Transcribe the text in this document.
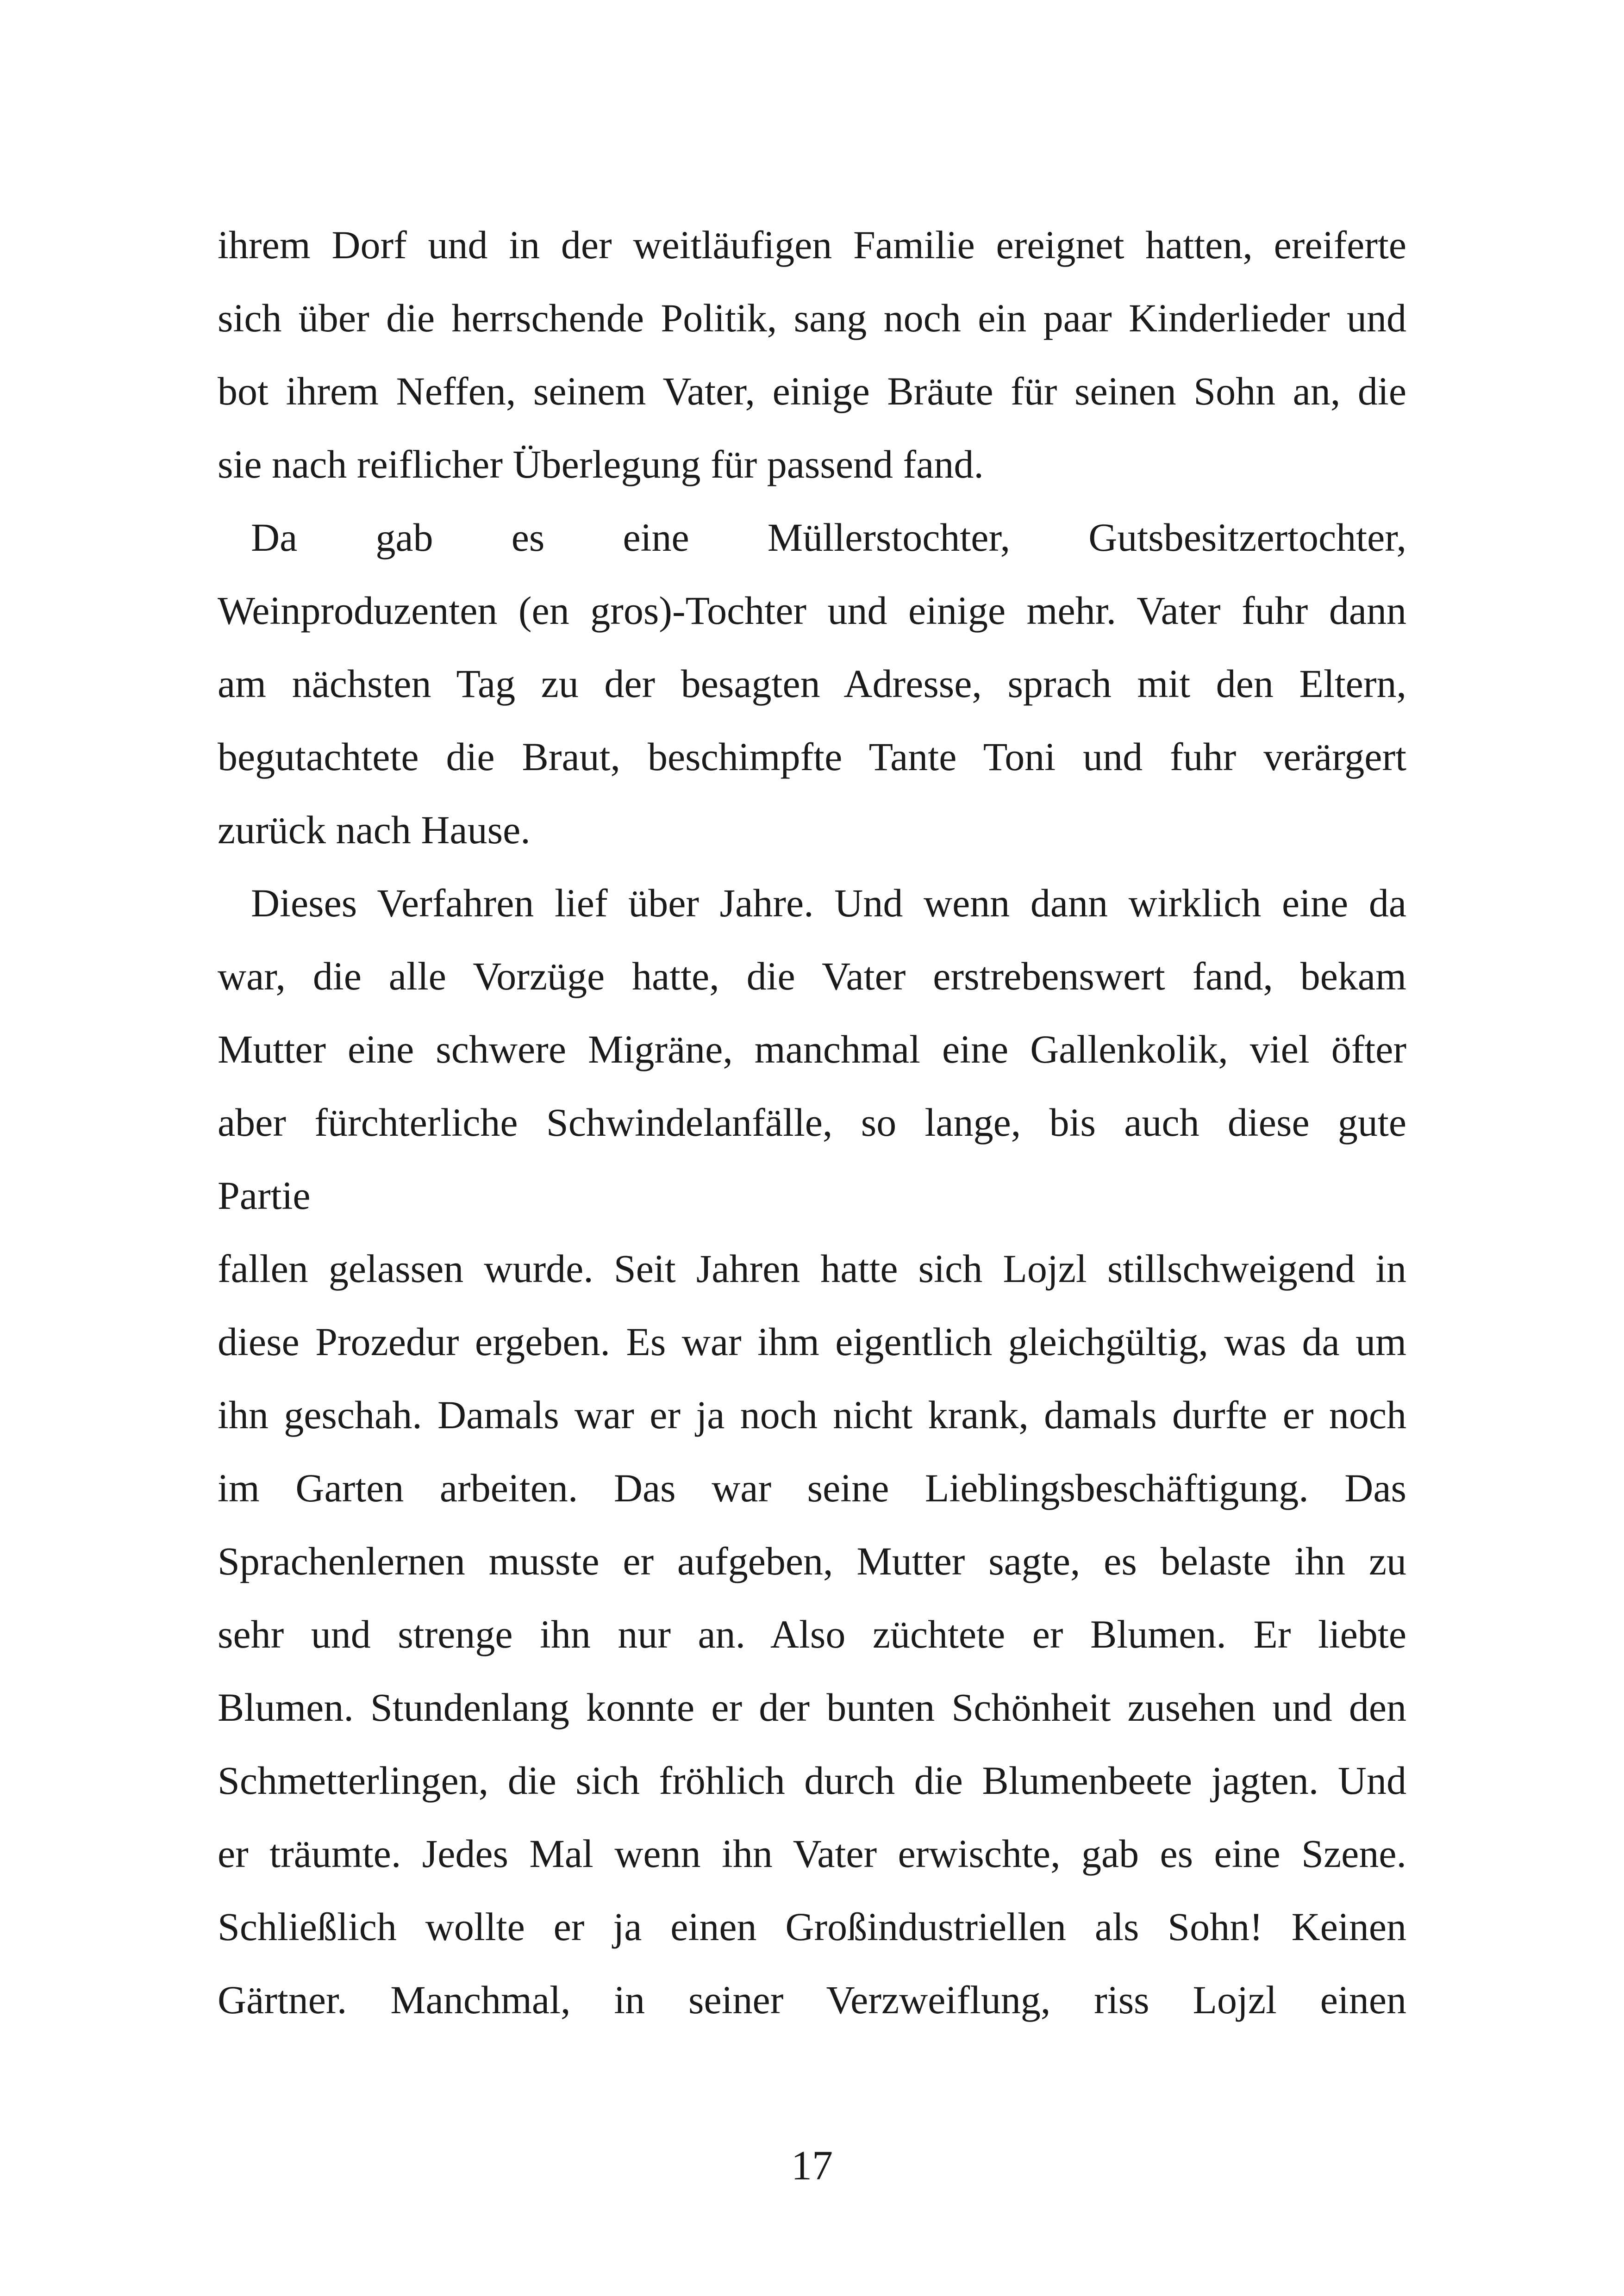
ihrem Dorf und in der weitläufigen Familie ereignet hatten, ereiferte
sich über die herrschende Politik, sang noch ein paar Kinderlieder und
bot ihrem Neffen, seinem Vater, einige Bräute für seinen Sohn an, die
sie nach reiflicher Überlegung für passend fand.
Da gab es eine Müllerstochter, Gutsbesitzertochter,
Weinproduzenten (en gros)-Tochter und einige mehr. Vater fuhr dann
am nächsten Tag zu der besagten Adresse, sprach mit den Eltern,
begutachtete die Braut, beschimpfte Tante Toni und fuhr verärgert
zurück nach Hause.
Dieses Verfahren lief über Jahre. Und wenn dann wirklich eine da
war, die alle Vorzüge hatte, die Vater erstrebenswert fand, bekam
Mutter eine schwere Migräne, manchmal eine Gallenkolik, viel öfter
aber fürchterliche Schwindelanfälle, so lange, bis auch diese gute
Partie
fallen gelassen wurde. Seit Jahren hatte sich Lojzl stillschweigend in
diese Prozedur ergeben. Es war ihm eigentlich gleichgültig, was da um
ihn geschah. Damals war er ja noch nicht krank, damals durfte er noch
im Garten arbeiten. Das war seine Lieblingsbeschäftigung. Das
Sprachenlernen musste er aufgeben, Mutter sagte, es belaste ihn zu
sehr und strenge ihn nur an. Also züchtete er Blumen. Er liebte
Blumen. Stundenlang konnte er der bunten Schönheit zusehen und den
Schmetterlingen, die sich fröhlich durch die Blumenbeete jagten. Und
er träumte. Jedes Mal wenn ihn Vater erwischte, gab es eine Szene.
Schließlich wollte er ja einen Großindustriellen als Sohn! Keinen
Gärtner. Manchmal, in seiner Verzweiflung, riss Lojzl einen
17
